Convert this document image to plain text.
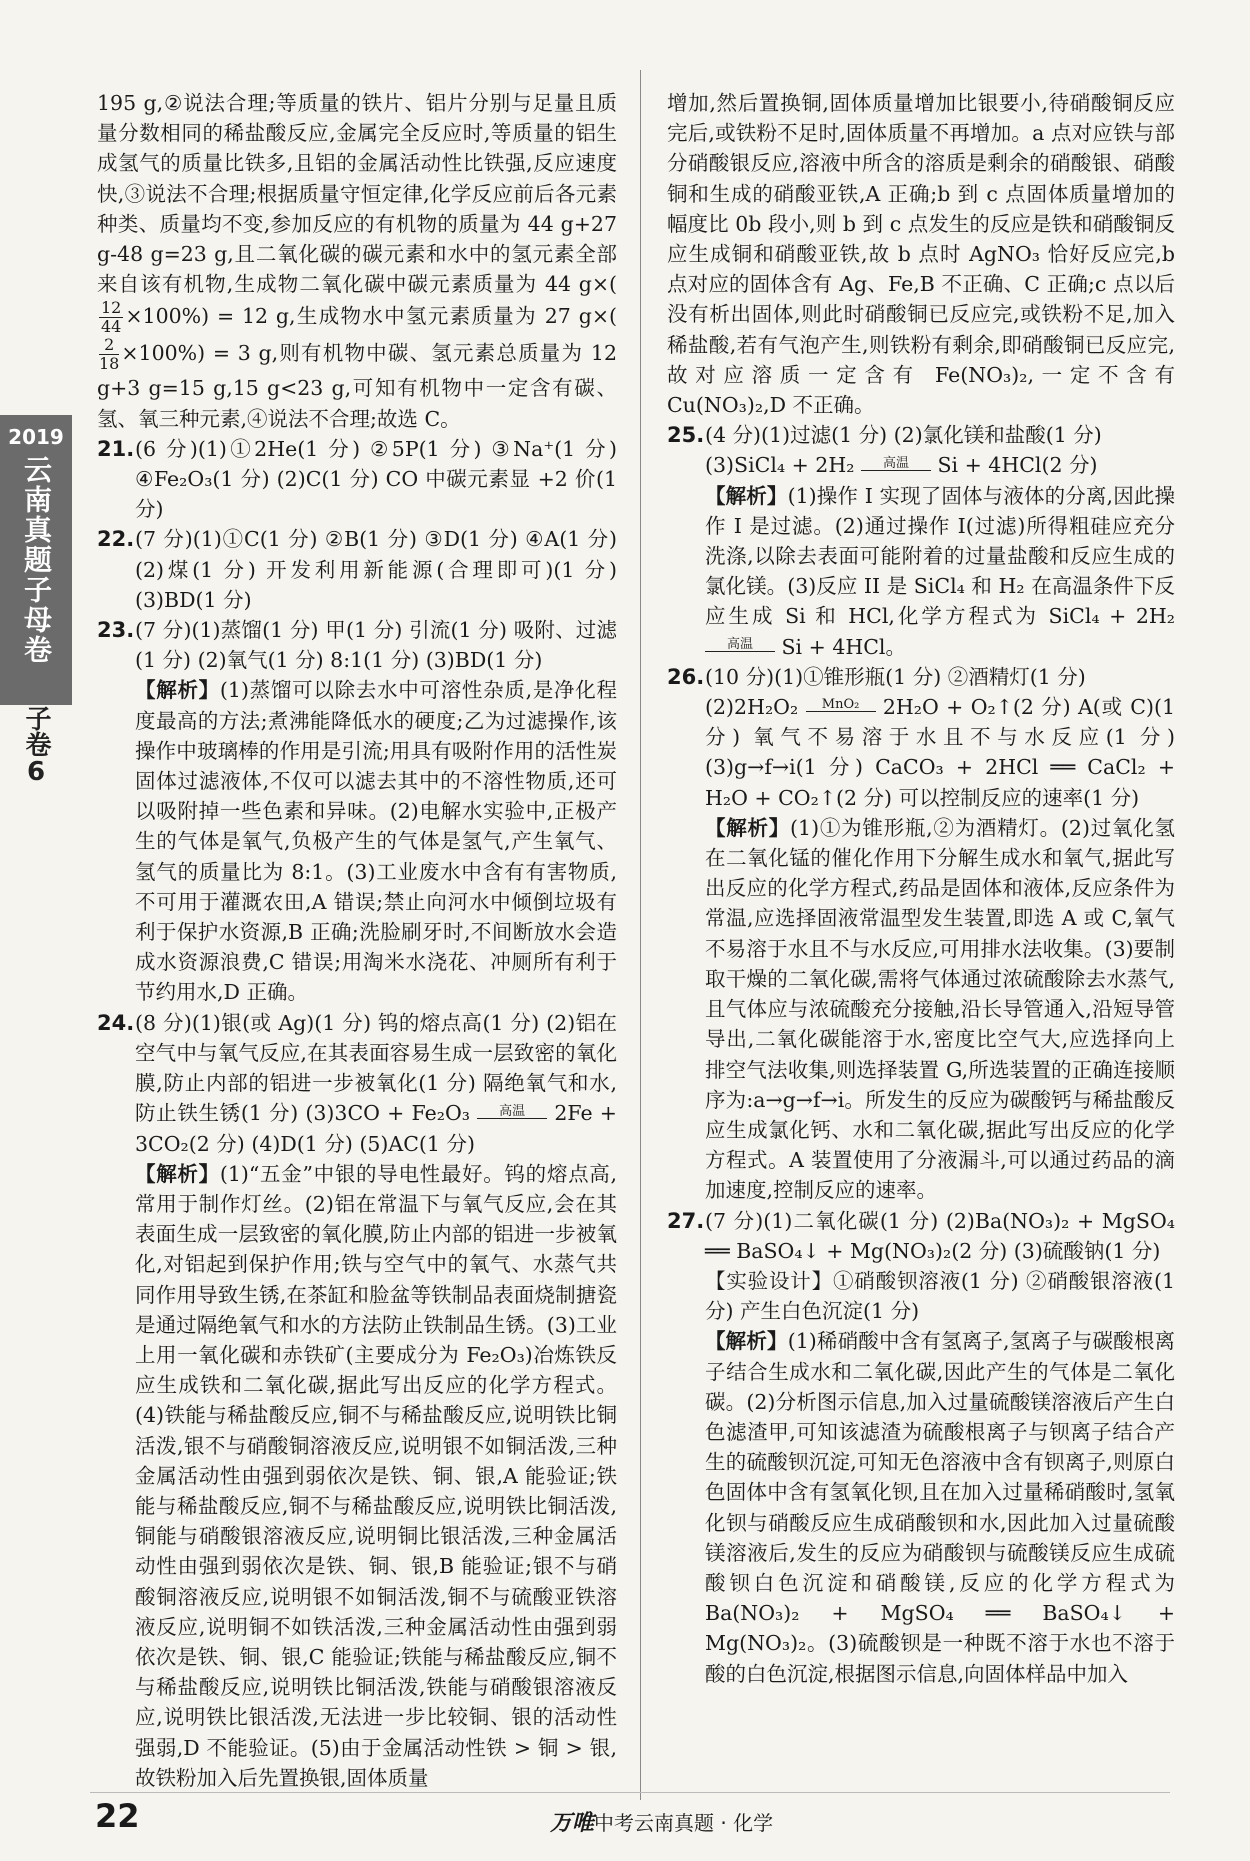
2019
云南真题子母卷
子卷
6

195 g,②说法合理;等质量的铁片、铝片分别与足量且质量分数相同的稀盐酸反应,金属完全反应时,等质量的铝生成氢气的质量比铁多,且铝的金属活动性比铁强,反应速度快,③说法不合理;根据质量守恒定律,化学反应前后各元素种类、质量均不变,参加反应的有机物的质量为 44 g+27 g-48 g=23 g,且二氧化碳的碳元素和水中的氢元素全部来自该有机物,生成物二氧化碳中碳元素质量为 44 g×(
$\frac{12}{44} \times 100\%) = 12$ g,生成物水中氢元素质量为 27 g×(
$\frac{2}{18} \times 100\%) = 3$ g,则有机物中碳、氢元素总质量为 12 g+3 g=15 g,15 g<23 g,可知有机物中一定含有碳、氢、氧三种元素,④说法不合理;故选 C。

21.(6 分)(1)①2He(1 分) ②5P(1 分) ③Na⁺(1 分) ④Fe₂O₃(1 分) (2)C(1 分) CO 中碳元素显 +2 价(1 分)

22.(7 分)(1)①C(1 分) ②B(1 分) ③D(1 分) ④A(1 分) (2)煤(1 分) 开发利用新能源(合理即可)(1 分) (3)BD(1 分)

23.(7 分)(1)蒸馏(1 分) 甲(1 分) 引流(1 分) 吸附、过滤(1 分) (2)氧气(1 分) 8:1(1 分) (3)BD(1 分)
【解析】(1)蒸馏可以除去水中可溶性杂质,是净化程度最高的方法;煮沸能降低水的硬度;乙为过滤操作,该操作中玻璃棒的作用是引流;用具有吸附作用的活性炭固体过滤液体,不仅可以滤去其中的不溶性物质,还可以吸附掉一些色素和异味。(2)电解水实验中,正极产生的气体是氧气,负极产生的气体是氢气,产生氧气、氢气的质量比为 8:1。(3)工业废水中含有有害物质,不可用于灌溉农田,A 错误;禁止向河水中倾倒垃圾有利于保护水资源,B 正确;洗脸刷牙时,不间断放水会造成水资源浪费,C 错误;用淘米水浇花、冲厕所有利于节约用水,D 正确。

24.(8 分)(1)银(或 Ag)(1 分) 钨的熔点高(1 分) (2)铝在空气中与氧气反应,在其表面容易生成一层致密的氧化膜,防止内部的铝进一步被氧化(1 分) 隔绝氧气和水,防止铁生锈(1 分) (3)3CO + Fe₂O₃	高温	2Fe + 3CO₂(2 分) (4)D(1 分) (5)AC(1 分)
【解析】(1)“五金”中银的导电性最好。钨的熔点高,常用于制作灯丝。(2)铝在常温下与氧气反应,会在其表面生成一层致密的氧化膜,防止内部的铝进一步被氧化,对铝起到保护作用;铁与空气中的氧气、水蒸气共同作用导致生锈,在茶缸和脸盆等铁制品表面烧制搪瓷是通过隔绝氧气和水的方法防止铁制品生锈。(3)工业上用一氧化碳和赤铁矿(主要成分为 Fe₂O₃)冶炼铁反应生成铁和二氧化碳,据此写出反应的化学方程式。(4)铁能与稀盐酸反应,铜不与稀盐酸反应,说明铁比铜活泼,银不与硝酸铜溶液反应,说明银不如铜活泼,三种金属活动性由强到弱依次是铁、铜、银,A 能验证;铁能与稀盐酸反应,铜不与稀盐酸反应,说明铁比铜活泼,铜能与硝酸银溶液反应,说明铜比银活泼,三种金属活动性由强到弱依次是铁、铜、银,B 能验证;银不与硝酸铜溶液反应,说明银不如铜活泼,铜不与硫酸亚铁溶液反应,说明铜不如铁活泼,三种金属活动性由强到弱依次是铁、铜、银,C 能验证;铁能与稀盐酸反应,铜不与稀盐酸反应,说明铁比铜活泼,铁能与硝酸银溶液反应,说明铁比银活泼,无法进一步比较铜、银的活动性强弱,D 不能验证。(5)由于金属活动性铁 > 铜 > 银,故铁粉加入后先置换银,固体质量

增加,然后置换铜,固体质量增加比银要小,待硝酸铜反应完后,或铁粉不足时,固体质量不再增加。a 点对应铁与部分硝酸银反应,溶液中所含的溶质是剩余的硝酸银、硝酸铜和生成的硝酸亚铁,A 正确;b 到 c 点固体质量增加的幅度比 0b 段小,则 b 到 c 点发生的反应是铁和硝酸铜反应生成铜和硝酸亚铁,故 b 点时 AgNO₃ 恰好反应完,b 点对应的固体含有 Ag、Fe,B 不正确、C 正确;c 点以后没有析出固体,则此时硝酸铜已反应完,或铁粉不足,加入稀盐酸,若有气泡产生,则铁粉有剩余,即硝酸铜已反应完,故对应溶质一定含有 Fe(NO₃)₂,一定不含有 Cu(NO₃)₂,D 不正确。

25.(4 分)(1)过滤(1 分) (2)氯化镁和盐酸(1 分)
(3)SiCl₄ + 2H₂	高温	Si + 4HCl(2 分)
【解析】(1)操作 I 实现了固体与液体的分离,因此操作 I 是过滤。(2)通过操作 I(过滤)所得粗硅应充分洗涤,以除去表面可能附着的过量盐酸和反应生成的氯化镁。(3)反应 II 是 SiCl₄ 和 H₂ 在高温条件下反应生成 Si 和 HCl,化学方程式为 SiCl₄ + 2H₂
高温	Si + 4HCl。

26.(10 分)(1)①锥形瓶(1 分) ②酒精灯(1 分)
(2)2H₂O₂	MnO₂ 2H₂O + O₂↑(2 分) A(或 C)(1 分) 氧气不易溶于水且不与水反应(1 分) (3)g→f→i(1 分) CaCO₃ + 2HCl ══ CaCl₂ + H₂O + CO₂↑(2 分) 可以控制反应的速率(1 分)
【解析】(1)①为锥形瓶,②为酒精灯。(2)过氧化氢在二氧化锰的催化作用下分解生成水和氧气,据此写出反应的化学方程式,药品是固体和液体,反应条件为常温,应选择固液常温型发生装置,即选 A 或 C,氧气不易溶于水且不与水反应,可用排水法收集。(3)要制取干燥的二氧化碳,需将气体通过浓硫酸除去水蒸气,且气体应与浓硫酸充分接触,沿长导管通入,沿短导管导出,二氧化碳能溶于水,密度比空气大,应选择向上排空气法收集,则选择装置 G,所选装置的正确连接顺序为:a→g→f→i。所发生的反应为碳酸钙与稀盐酸反应生成氯化钙、水和二氧化碳,据此写出反应的化学方程式。A 装置使用了分液漏斗,可以通过药品的滴加速度,控制反应的速率。

27.(7 分)(1)二氧化碳(1 分) (2)Ba(NO₃)₂ + MgSO₄ ══ BaSO₄↓ + Mg(NO₃)₂(2 分) (3)硫酸钠(1 分)
【实验设计】①硝酸钡溶液(1 分) ②硝酸银溶液(1 分) 产生白色沉淀(1 分)
【解析】(1)稀硝酸中含有氢离子,氢离子与碳酸根离子结合生成水和二氧化碳,因此产生的气体是二氧化碳。(2)分析图示信息,加入过量硫酸镁溶液后产生白色滤渣甲,可知该滤渣为硫酸根离子与钡离子结合产生的硫酸钡沉淀,可知无色溶液中含有钡离子,则原白色固体中含有氢氧化钡,且在加入过量稀硝酸时,氢氧化钡与硝酸反应生成硝酸钡和水,因此加入过量硫酸镁溶液后,发生的反应为硝酸钡与硫酸镁反应生成硫酸钡白色沉淀和硝酸镁,反应的化学方程式为 Ba(NO₃)₂ + MgSO₄ ══ BaSO₄↓ + Mg(NO₃)₂。(3)硫酸钡是一种既不溶于水也不溶于酸的白色沉淀,根据图示信息,向固体样品中加入

22	万唯中考云南真题 · 化学
